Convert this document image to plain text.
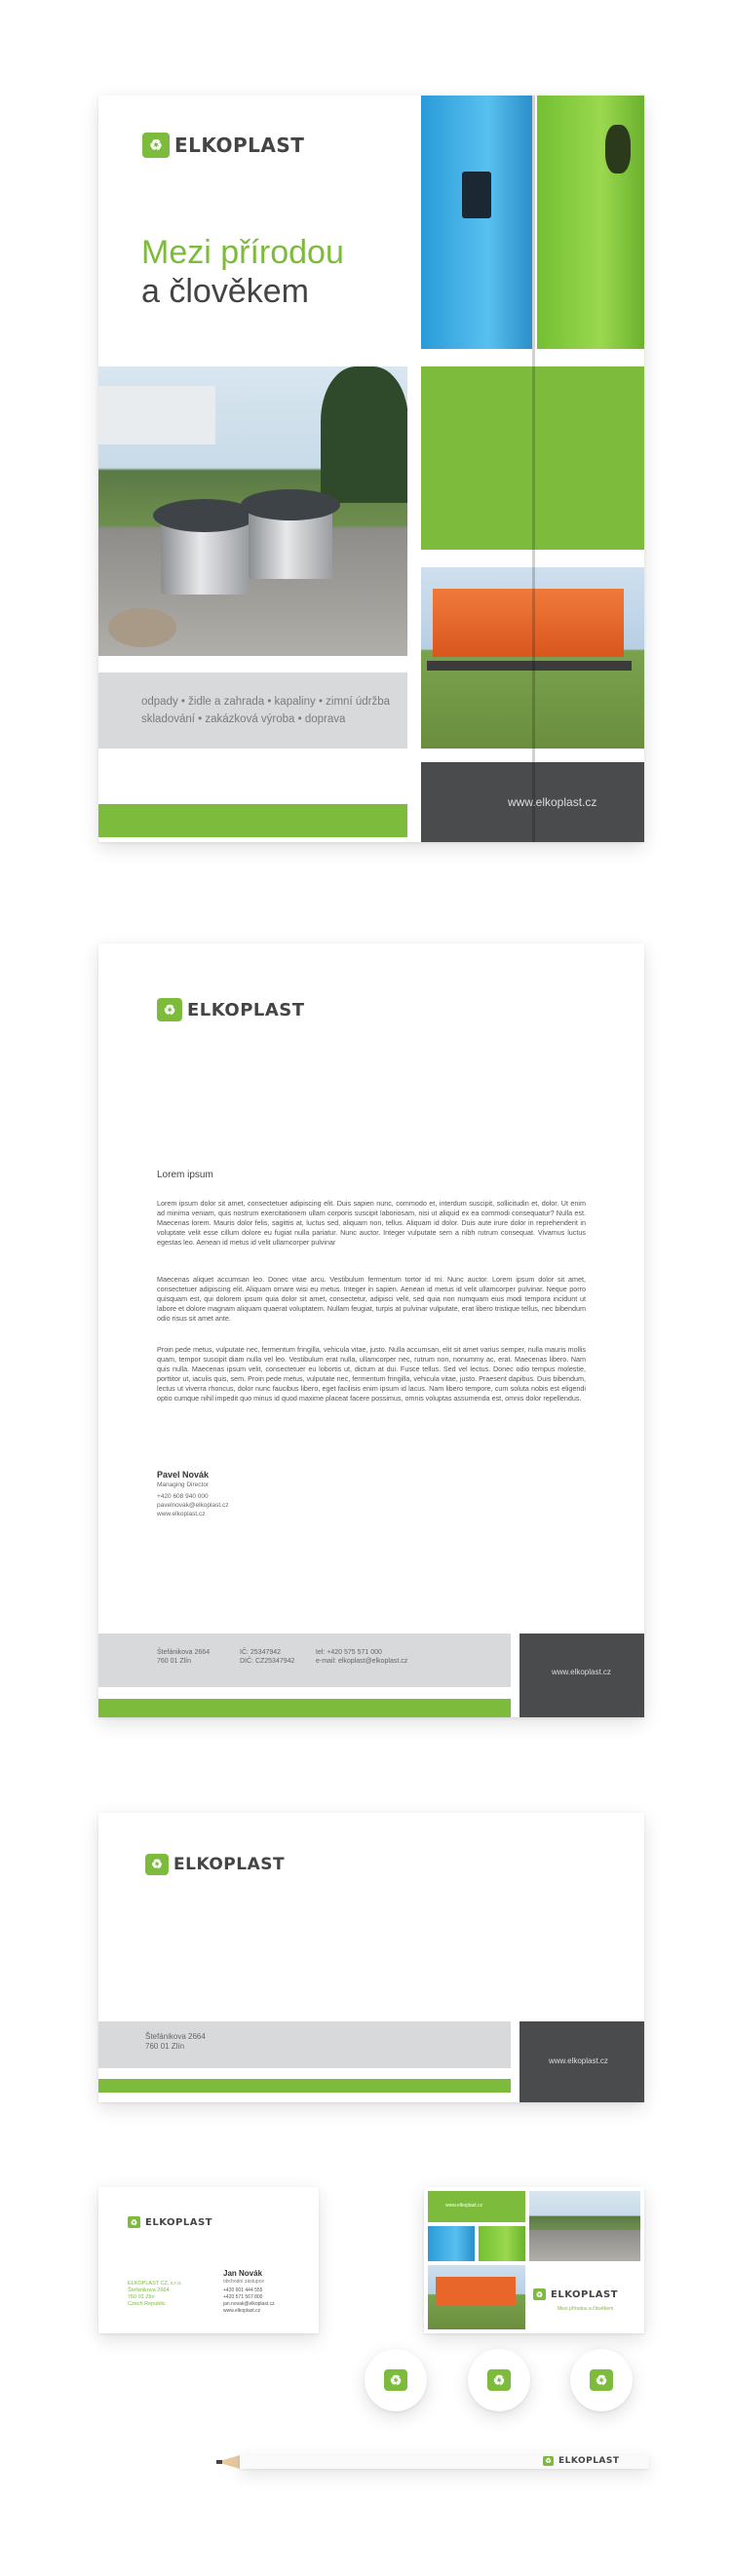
♻ ELKOPLAST
Mezi přírodou
a člověkem
odpady • židle a zahrada • kapaliny • zimní údržba
skladování • zakázková výroba • doprava
www.elkoplast.cz
♻ ELKOPLAST
Lorem ipsum
Lorem ipsum dolor sit amet, consectetuer adipiscing elit. Duis sapien nunc, commodo et, interdum suscipit, sollicitudin et, dolor. Ut enim ad minima veniam, quis nostrum exercitationem ullam corporis suscipit laboriosam, nisi ut aliquid ex ea commodi consequatur? Nulla est. Maecenas lorem. Mauris dolor felis, sagittis at, luctus sed, aliquam non, tellus. Aliquam id dolor. Duis aute irure dolor in reprehenderit in voluptate velit esse cillum dolore eu fugiat nulla pariatur. Nunc auctor. Integer vulputate sem a nibh rutrum consequat. Vivamus luctus egestas leo. Aenean id metus id velit ullamcorper pulvinar
Maecenas aliquet accumsan leo. Donec vitae arcu. Vestibulum fermentum tortor id mi. Nunc auctor. Lorem ipsum dolor sit amet, consectetuer adipiscing elit. Aliquam ornare wisi eu metus. Integer in sapien. Aenean id metus id velit ullamcorper pulvinar. Neque porro quisquam est, qui dolorem ipsum quia dolor sit amet, consectetur, adipisci velit, sed quia non numquam eius modi tempora incidunt ut labore et dolore magnam aliquam quaerat voluptatem. Nullam feugiat, turpis at pulvinar vulputate, erat libero tristique tellus, nec bibendum odio risus sit amet ante.
Proin pede metus, vulputate nec, fermentum fringilla, vehicula vitae, justo. Nulla accumsan, elit sit amet varius semper, nulla mauris mollis quam, tempor suscipit diam nulla vel leo. Vestibulum erat nulla, ullamcorper nec, rutrum non, nonummy ac, erat. Maecenas libero. Nam quis nulla. Maecenas ipsum velit, consectetuer eu lobortis ut, dictum at dui. Fusce tellus. Sed vel lectus. Donec odio tempus molestie, porttitor ut, iaculis quis, sem. Proin pede metus, vulputate nec, fermentum fringilla, vehicula vitae, justo. Praesent dapibus. Duis bibendum, lectus ut viverra rhoncus, dolor nunc faucibus libero, eget facilisis enim ipsum id lacus. Nam libero tempore, cum soluta nobis est eligendi optio cumque nihil impedit quo minus id quod maxime placeat facere possimus, omnis voluptas assumenda est, omnis dolor repellendus.
Pavel Novák
Managing Director
+420 608 940 000
pavelnovak@elkoplast.cz
www.elkoplast.cz
Štefánikova 2664
760 01 Zlín
IČ: 25347942
DIČ: CZ25347942
tel: +420 575 571 000
e-mail: elkoplast@elkoplast.cz
www.elkoplast.cz
♻ ELKOPLAST
Štefánikova 2664
760 01 Zlín
www.elkoplast.cz
♻ ELKOPLAST
ELKOPLAST CZ, s.r.o.
Štefánikova 2664
760 01 Zlín
Czech Republic
Jan Novák
obchodní zástupce
+420 601 444 555
+420 571 567 800
jan.novak@elkoplast.cz
www.elkoplast.cz
www.elkoplast.cz
♻ ELKOPLAST
Mezi přírodou a člověkem
♻	♻	♻
♻ ELKOPLAST
